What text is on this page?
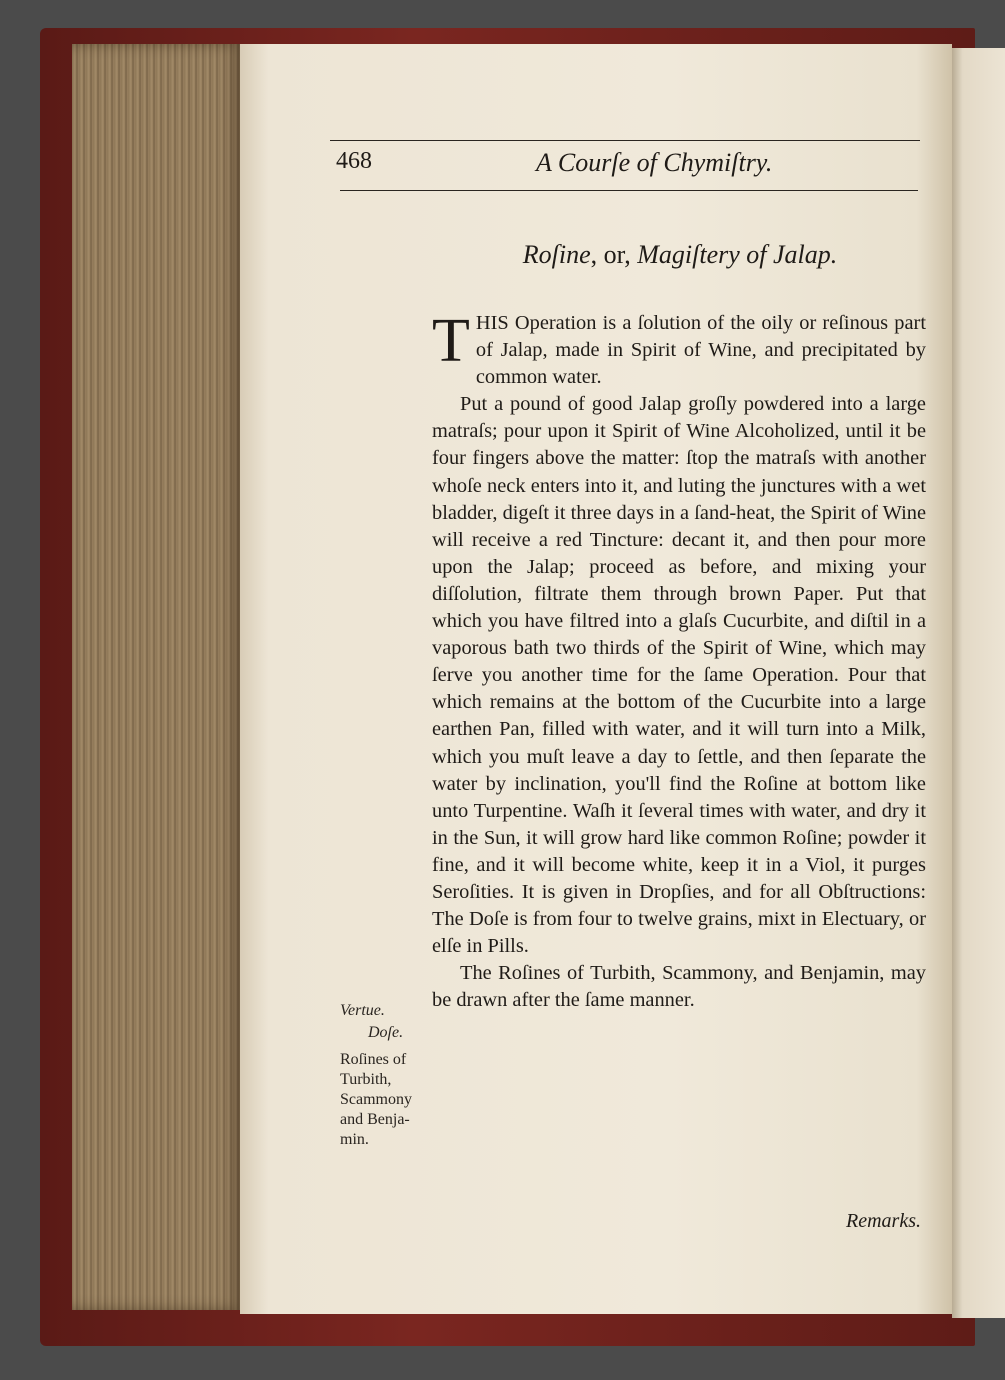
468	A Courſe of Chymiſtry.
Roſine, or, Magiſtery of Jalap.

THIS Operation is a ſolution of the oily or reſinous part of Jalap, made in Spirit of Wine, and precipitated by common water.

Put a pound of good Jalap groſly powdered into a large matraſs; pour upon it Spirit of Wine Alcoholized, until it be four fingers above the matter: ſtop the matraſs with another whoſe neck enters into it, and luting the junctures with a wet bladder, digeſt it three days in a ſand-heat, the Spirit of Wine will receive a red Tincture: decant it, and then pour more upon the Jalap; proceed as before, and mixing your diſſolution, filtrate them through brown Paper. Put that which you have filtred into a glaſs Cucurbite, and diſtil in a vaporous bath two thirds of the Spirit of Wine, which may ſerve you another time for the ſame Operation. Pour that which remains at the bottom of the Cucurbite into a large earthen Pan, filled with water, and it will turn into a Milk, which you muſt leave a day to ſettle, and then ſeparate the water by inclination, you'll find the Roſine at bottom like unto Turpentine. Waſh it ſeveral times with water, and dry it in the Sun, it will grow hard like common Roſine; powder it fine, and it will become white, keep it in a Viol, it purges Seroſities. It is given in Dropſies, and for all Obſtructions: The Doſe is from four to twelve grains, mixt in Electuary, or elſe in Pills.

The Roſines of Turbith, Scammony, and Benjamin, may be drawn after the ſame manner.

Vertue.
Doſe.
Roſines of
Turbith,
Scammony
and Benja-
min.
Remarks.
